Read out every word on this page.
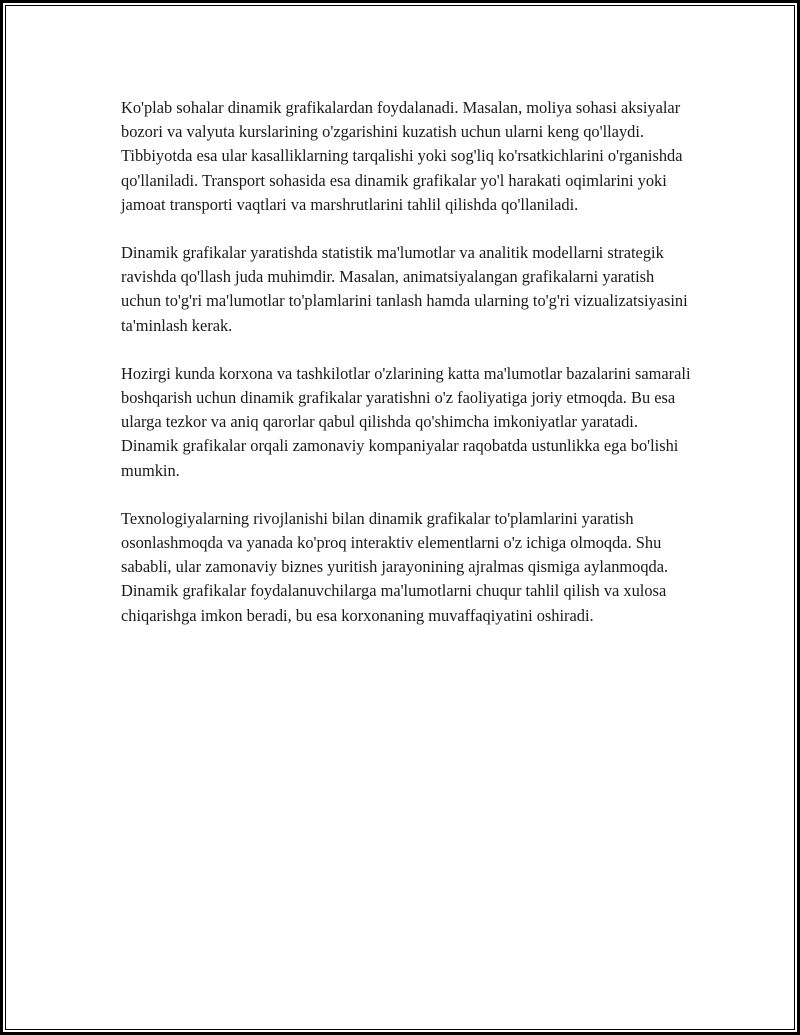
Ko'plab sohalar dinamik grafikalardan foydalanadi. Masalan, moliya sohasi aksiyalar bozori va valyuta kurslarining o'zgarishini kuzatish uchun ularni keng qo'llaydi. Tibbiyotda esa ular kasalliklarning tarqalishi yoki sog'liq ko'rsatkichlarini o'rganishda qo'llaniladi. Transport sohasida esa dinamik grafikalar yo'l harakati oqimlarini yoki jamoat transporti vaqtlari va marshrutlarini tahlil qilishda qo'llaniladi.

Dinamik grafikalar yaratishda statistik ma'lumotlar va analitik modellarni strategik ravishda qo'llash juda muhimdir. Masalan, animatsiyalangan grafikalarni yaratish uchun to'g'ri ma'lumotlar to'plamlarini tanlash hamda ularning to'g'ri vizualizatsiyasini ta'minlash kerak.

Hozirgi kunda korxona va tashkilotlar o'zlarining katta ma'lumotlar bazalarini samarali boshqarish uchun dinamik grafikalar yaratishni o'z faoliyatiga joriy etmoqda. Bu esa ularga tezkor va aniq qarorlar qabul qilishda qo'shimcha imkoniyatlar yaratadi. Dinamik grafikalar orqali zamonaviy kompaniyalar raqobatda ustunlikka ega bo'lishi mumkin.

Texnologiyalarning rivojlanishi bilan dinamik grafikalar to'plamlarini yaratish osonlashmoqda va yanada ko'proq interaktiv elementlarni o'z ichiga olmoqda. Shu sababli, ular zamonaviy biznes yuritish jarayonining ajralmas qismiga aylanmoqda. Dinamik grafikalar foydalanuvchilarga ma'lumotlarni chuqur tahlil qilish va xulosa chiqarishga imkon beradi, bu esa korxonaning muvaffaqiyatini oshiradi.
